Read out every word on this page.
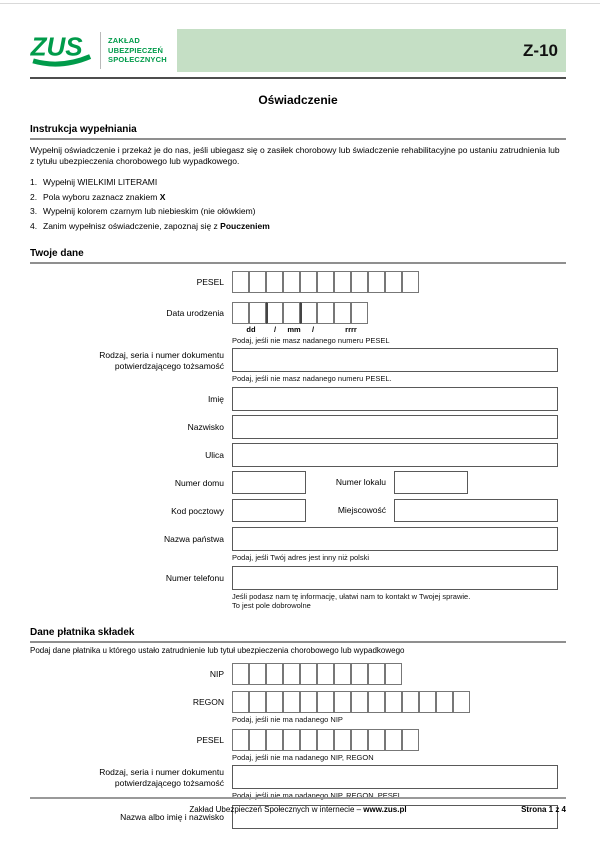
ZUS	ZAKŁAD
UBEZPIECZEŃ
SPOŁECZNYCH
Z-10
Oświadczenie
Instrukcja wypełniania

Wypełnij oświadczenie i przekaż je do nas, jeśli ubiegasz się o zasiłek chorobowy lub świadczenie rehabilitacyjne po ustaniu zatrudnienia lub z tytułu ubezpieczenia chorobowego lub wypadkowego.

1. Wypełnij WIELKIMI LITERAMI
2. Pola wyboru zaznacz znakiem X
3. Wypełnij kolorem czarnym lub niebieskim (nie ołówkiem)
4. Zanim wypełnisz oświadczenie, zapoznaj się z Pouczeniem
Twoje dane
PESEL
Data urodzenia
dd	/	mm	/	rrrr
Podaj, jeśli nie masz nadanego numeru PESEL
Rodzaj, seria i numer dokumentu
potwierdzającego tożsamość
Podaj, jeśli nie masz nadanego numeru PESEL.
Imię
Nazwisko
Ulica
Numer domu	Numer lokalu
Kod pocztowy	Miejscowość
Nazwa państwa
Podaj, jeśli Twój adres jest inny niż polski
Numer telefonu
Jeśli podasz nam tę informację, ułatwi nam to kontakt w Twojej sprawie.
To jest pole dobrowolne
Dane płatnika składek
Podaj dane płatnika u którego ustało zatrudnienie lub tytuł ubezpieczenia chorobowego lub wypadkowego
NIP
REGON
Podaj, jeśli nie ma nadanego NIP
PESEL
Podaj, jeśli nie ma nadanego NIP, REGON
Rodzaj, seria i numer dokumentu
potwierdzającego tożsamość
Podaj, jeśli nie ma nadanego NIP, REGON, PESEL
Nazwa albo imię i nazwisko
Zakład Ubezpieczeń Społecznych w internecie – www.zus.pl	Strona 1 z 4
